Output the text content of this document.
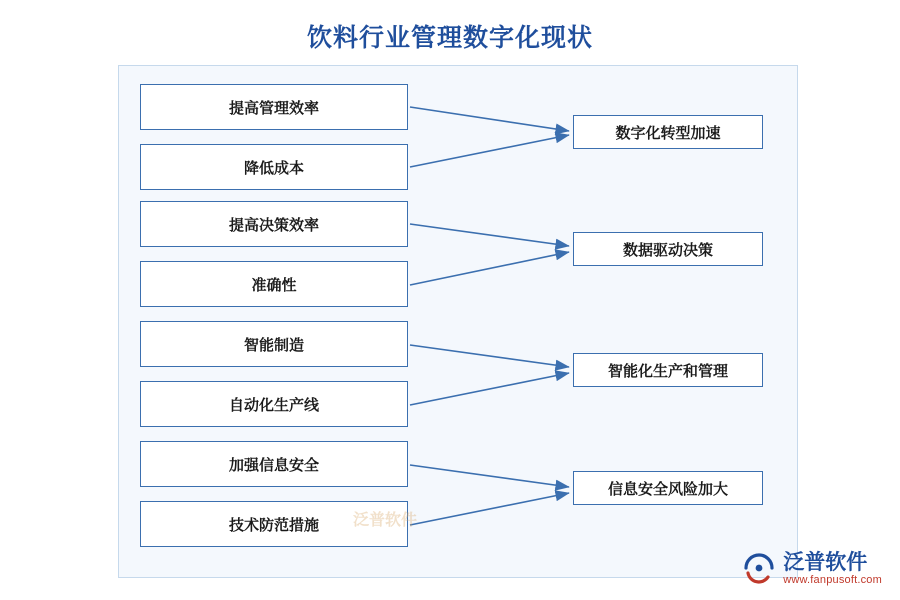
饮料行业管理数字化现状
提高管理效率
降低成本
提高决策效率
准确性
智能制造
自动化生产线
加强信息安全
技术防范措施
数字化转型加速
数据驱动决策
智能化生产和管理
信息安全风险加大
泛普软件
泛普软件
www.fanpusoft.com
